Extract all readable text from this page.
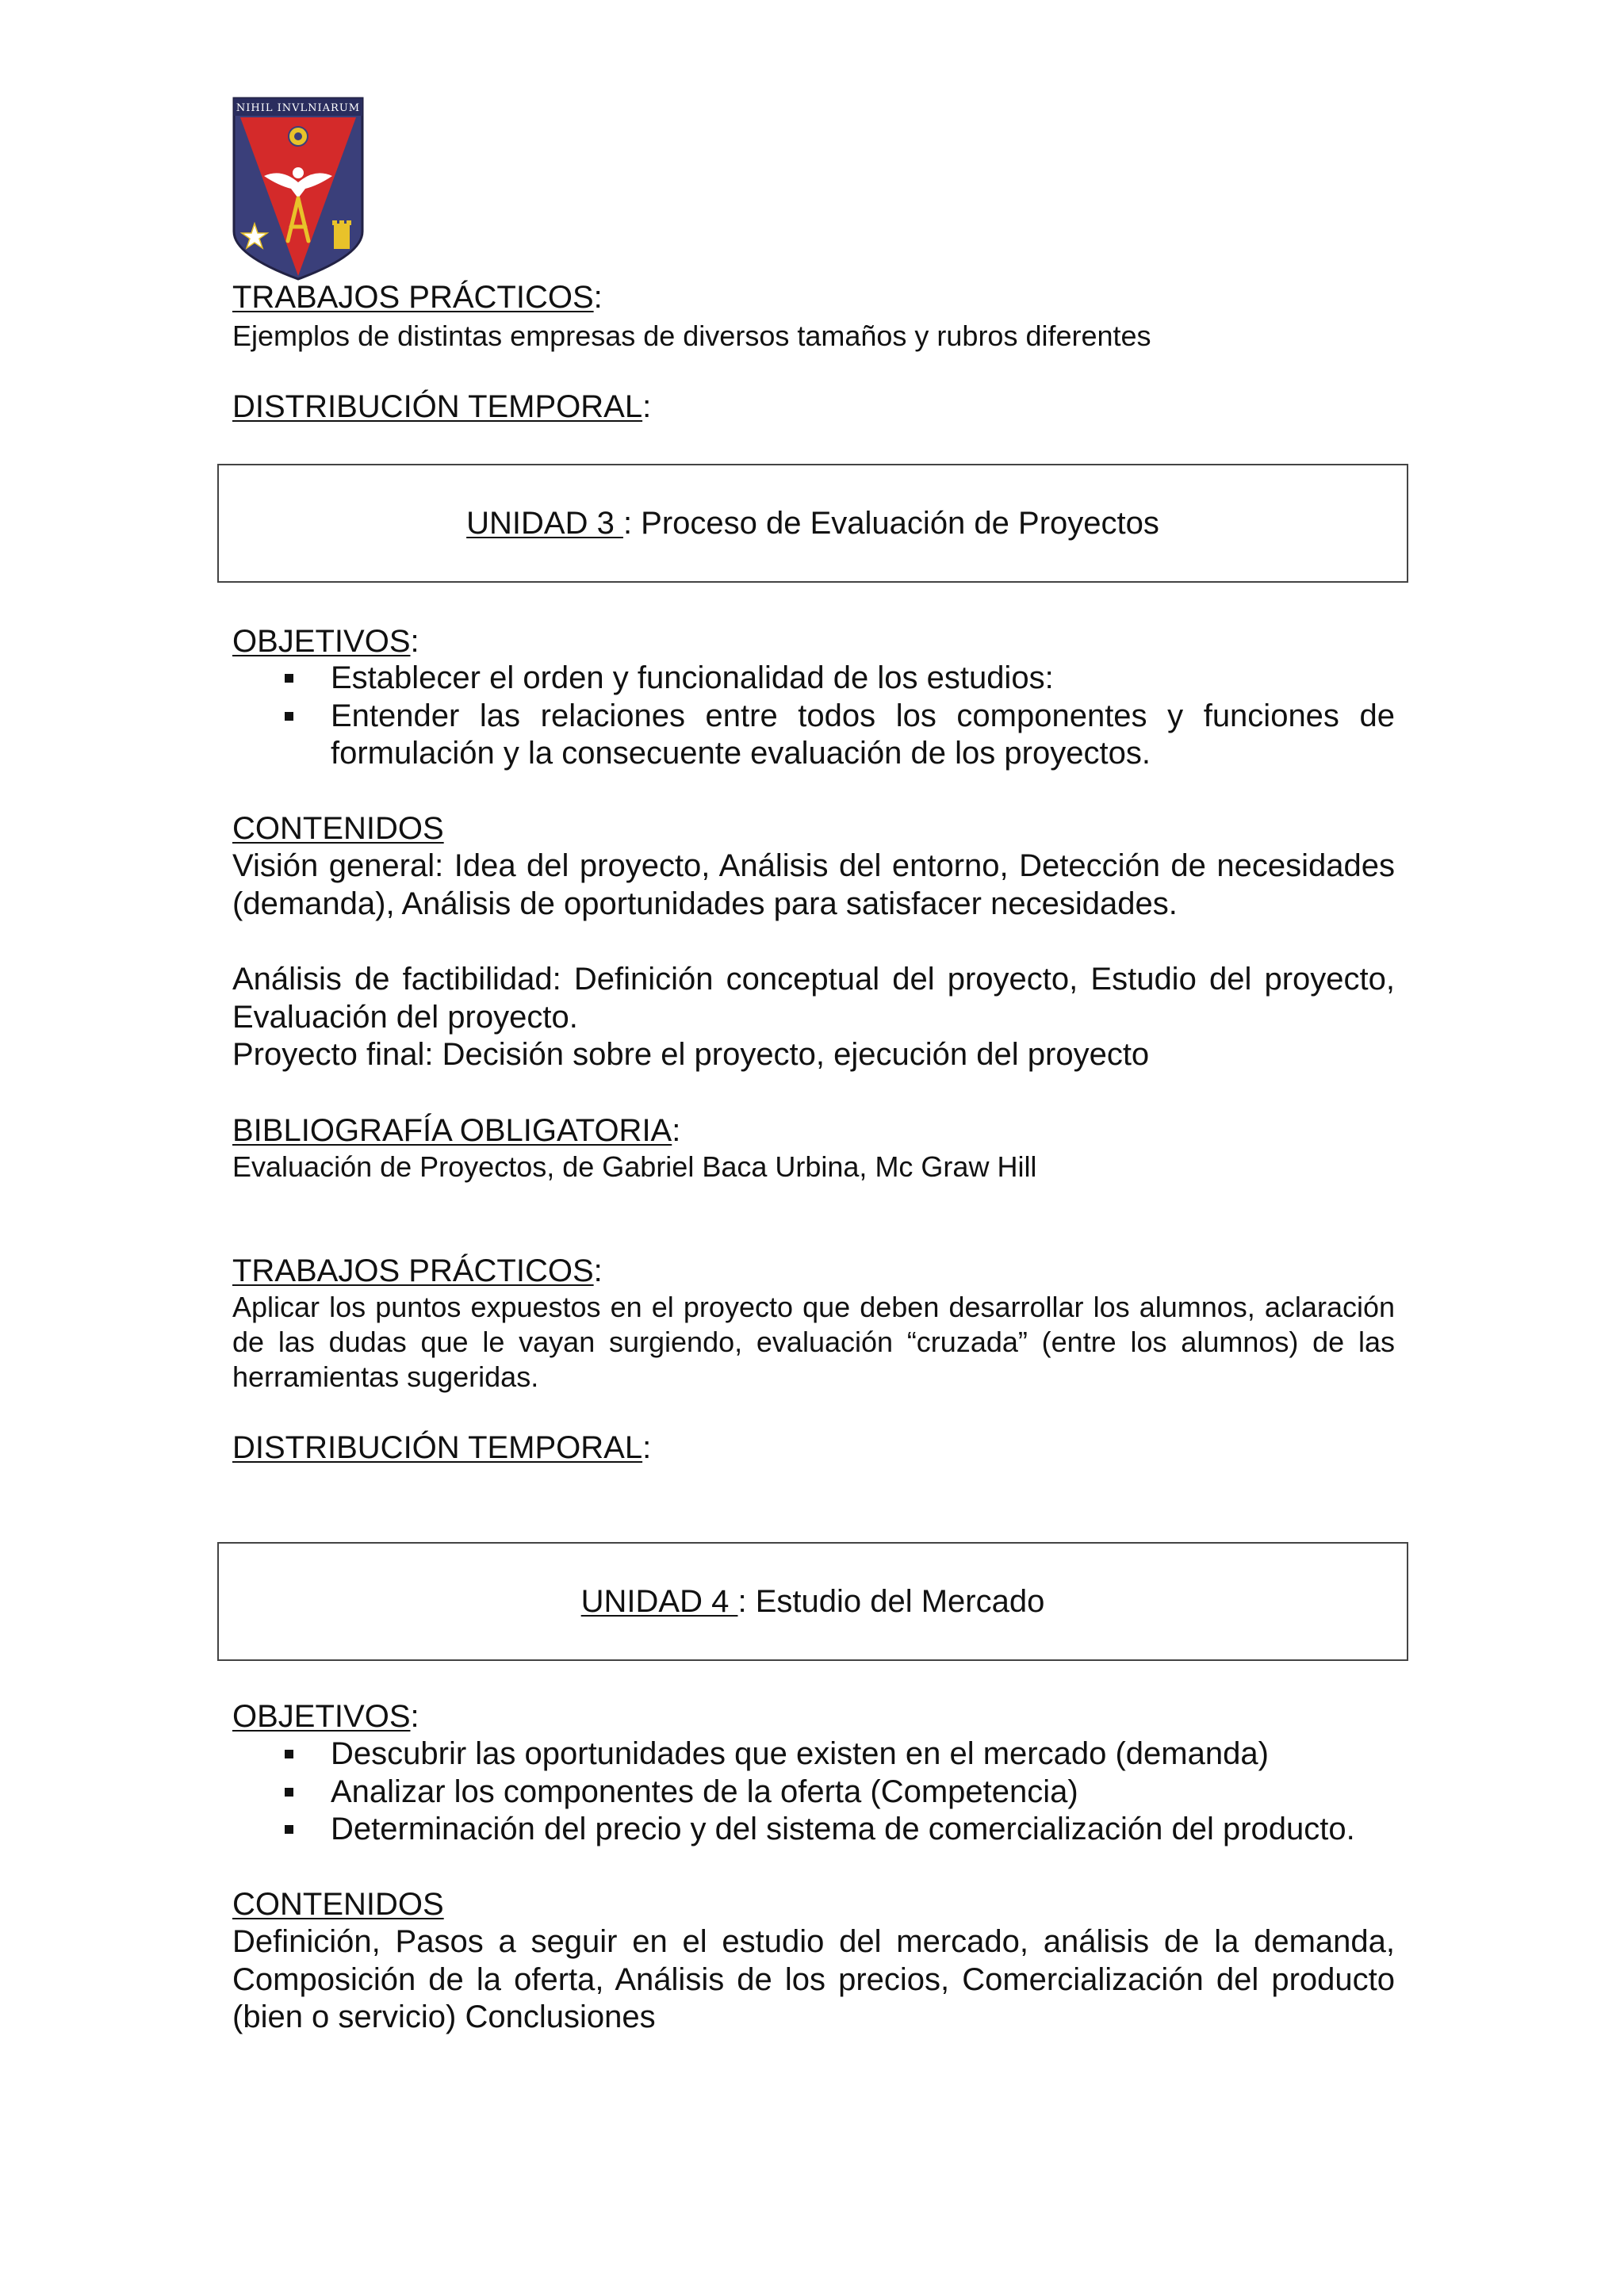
NIHIL INVLNIARUM
TRABAJOS PRÁCTICOS:
Ejemplos de distintas empresas de diversos tamaños y rubros diferentes
DISTRIBUCIÓN TEMPORAL:
UNIDAD 3 : Proceso de Evaluación de Proyectos
OBJETIVOS:
Establecer el orden y funcionalidad de los estudios:
Entender las relaciones entre todos los componentes y funciones de formulación y la consecuente evaluación de los proyectos.
CONTENIDOS
Visión general: Idea del proyecto, Análisis del entorno, Detección de necesidades (demanda), Análisis de oportunidades para satisfacer necesidades.
Análisis de factibilidad: Definición conceptual del proyecto, Estudio del proyecto, Evaluación del proyecto.
Proyecto final: Decisión sobre el proyecto, ejecución del proyecto
BIBLIOGRAFÍA OBLIGATORIA:
Evaluación de Proyectos, de Gabriel Baca Urbina, Mc Graw Hill
TRABAJOS PRÁCTICOS:
Aplicar los puntos expuestos en el proyecto que deben desarrollar los alumnos, aclaración de las dudas que le vayan surgiendo, evaluación “cruzada” (entre los alumnos) de las herramientas sugeridas.
DISTRIBUCIÓN TEMPORAL:
UNIDAD 4 : Estudio del Mercado
OBJETIVOS:
Descubrir las oportunidades que existen en el mercado (demanda)
Analizar los componentes de la oferta (Competencia)
Determinación del precio y del sistema de comercialización del producto.
CONTENIDOS
Definición, Pasos a seguir en el estudio del mercado, análisis de la demanda, Composición de la oferta, Análisis de los precios, Comercialización del producto (bien o servicio) Conclusiones
